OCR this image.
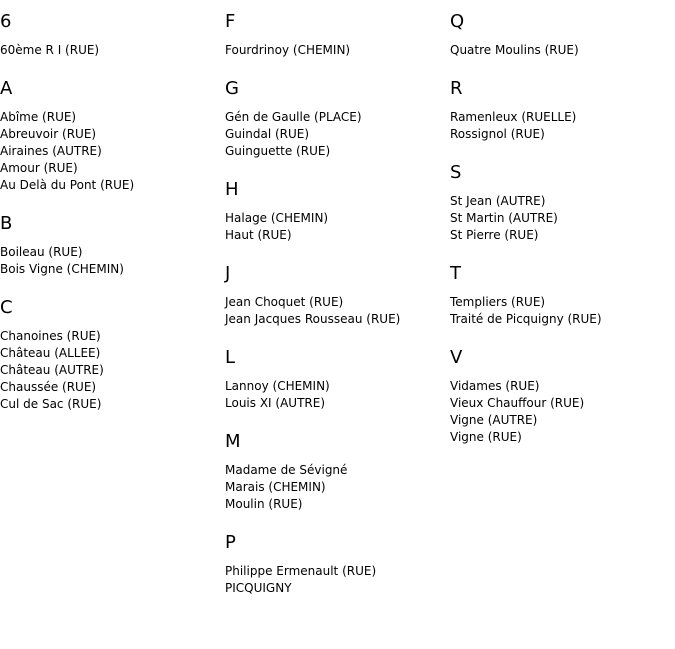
6
60ème R I (RUE)
A
Abîme (RUE)
Abreuvoir (RUE)
Airaines (AUTRE)
Amour (RUE)
Au Delà du Pont (RUE)
B
Boileau (RUE)
Bois Vigne (CHEMIN)
C
Chanoines (RUE)
Château (ALLEE)
Château (AUTRE)
Chaussée (RUE)
Cul de Sac (RUE)
F
Fourdrinoy (CHEMIN)
G
Gén de Gaulle (PLACE)
Guindal (RUE)
Guinguette (RUE)
H
Halage (CHEMIN)
Haut (RUE)
J
Jean Choquet (RUE)
Jean Jacques Rousseau (RUE)
L
Lannoy (CHEMIN)
Louis XI (AUTRE)
M
Madame de Sévigné
Marais (CHEMIN)
Moulin (RUE)
P
Philippe Ermenault (RUE)
PICQUIGNY
Q
Quatre Moulins (RUE)
R
Ramenleux (RUELLE)
Rossignol (RUE)
S
St Jean (AUTRE)
St Martin (AUTRE)
St Pierre (RUE)
T
Templiers (RUE)
Traité de Picquigny (RUE)
V
Vidames (RUE)
Vieux Chauffour (RUE)
Vigne (AUTRE)
Vigne (RUE)
